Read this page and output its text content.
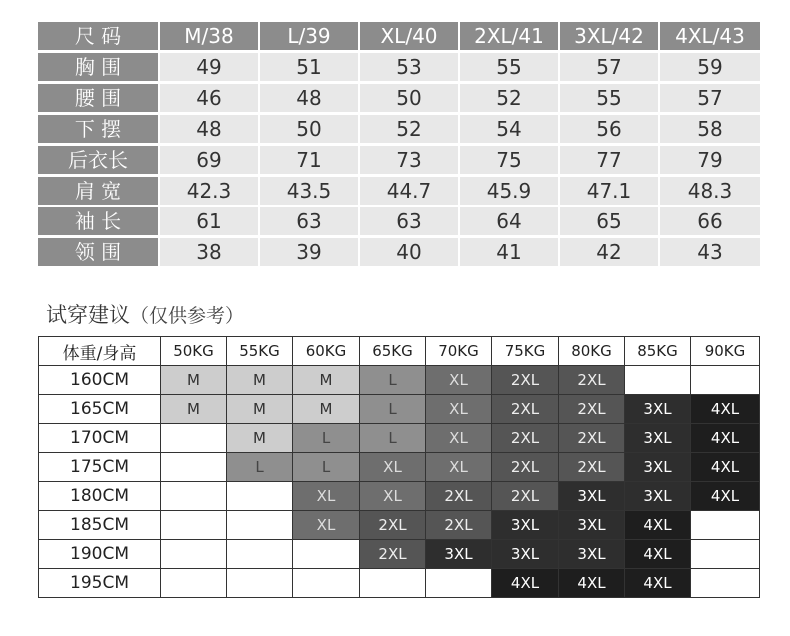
尺 码	M/38	L/39	XL/40	2XL/41	3XL/42	4XL/43
胸 围	49	51	53	55	57	59
腰 围	46	48	50	52	55	57
下 摆	48	50	52	54	56	58
后衣长	69	71	73	75	77	79
肩 宽	42.3	43.5	44.7	45.9	47.1	48.3
袖 长	61	63	63	64	65	66
领 围	38	39	40	41	42	43
试穿建议（仅供参考）
体重/身高	50KG	55KG	60KG	65KG	70KG	75KG	80KG	85KG	90KG
160CM	M	M	M	L	XL	2XL	2XL		
165CM	M	M	M	L	XL	2XL	2XL	3XL	4XL
170CM		M	L	L	XL	2XL	2XL	3XL	4XL
175CM		L	L	XL	XL	2XL	2XL	3XL	4XL
180CM			XL	XL	2XL	2XL	3XL	3XL	4XL
185CM			XL	2XL	2XL	3XL	3XL	4XL	
190CM				2XL	3XL	3XL	3XL	4XL	
195CM						4XL	4XL	4XL	
